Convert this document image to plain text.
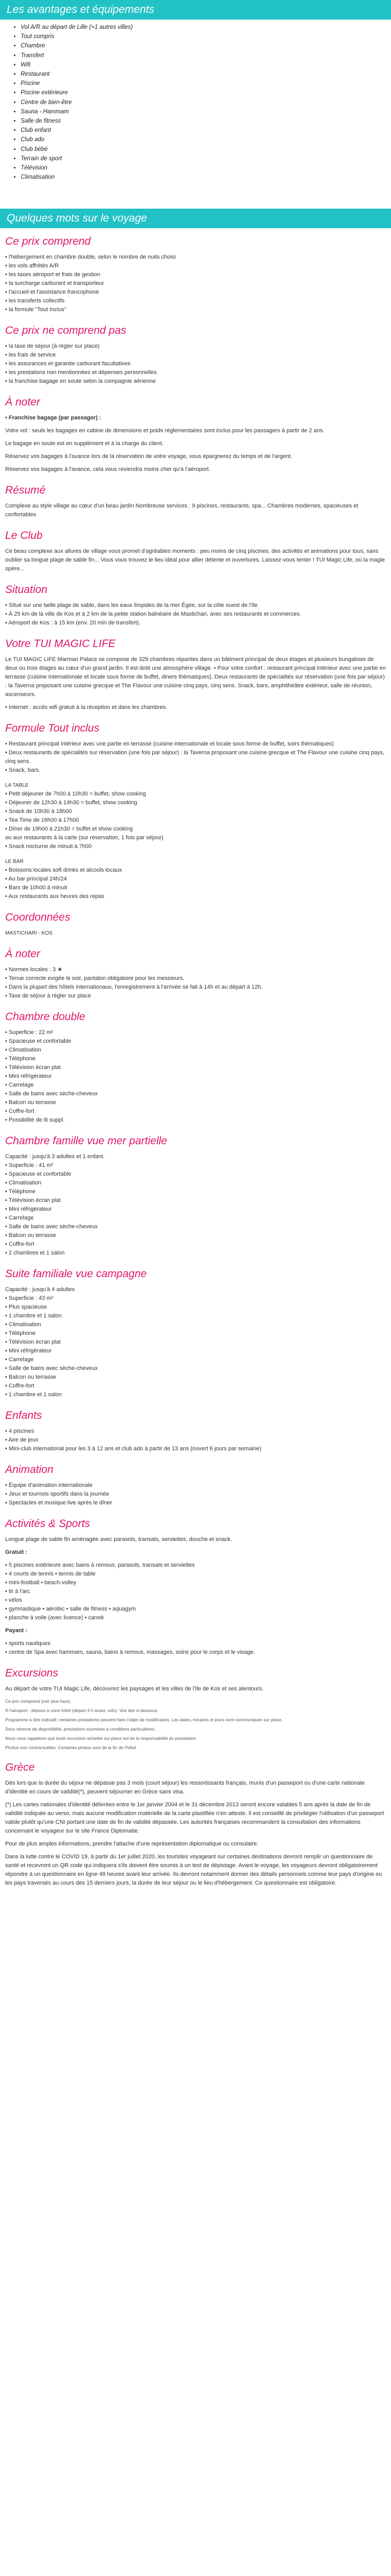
Les avantages et équipements
• Vol A/R au départ de Lille (+1 autres villes)
• Tout compris
• Chambre
• Transfert
• Wifi
• Restaurant
• Piscine
• Piscine extérieure
• Centre de bien-être
• Sauna - Hammam
• Salle de fitness
• Club enfant
• Club ado
• Club bébé
• Terrain de sport
• Télévision
• Climatisation
Quelques mots sur le voyage
Ce prix comprend
• l'hébergement en chambre double, selon le nombre de nuits choisi
• les vols affrétés A/R
• les taxes aéroport et frais de gestion
• la surcharge carburant et transporteur
• l'accueil et l'assistance francophone
• les transferts collectifs
• la formule "Tout Inclus"
Ce prix ne comprend pas
• la taxe de séjour (à régler sur place)
• les frais de service
• les assurances et garantie carburant facultatives
• les prestations non mentionnées et dépenses personnelles
• la franchise bagage en soute selon la compagnie aérienne
À noter

• Franchise bagage (par passager) :

Votre vol : seuls les bagages en cabine de dimensions et poids réglementaires sont inclus pour les passagers à partir de 2 ans.

Le bagage en soute est en supplément et à la charge du client.

Réservez vos bagages à l'avance lors de la réservation de votre voyage, vous épargnerez du temps et de l'argent.

Réservez vos bagages à l'avance, cela vous reviendra moins cher qu'à l'aéroport.

Résumé

Complexe au style village au cœur d'un beau jardin Nombreuse services : 9 piscines, restaurants, spa... Chambres modernes, spacieuses et confortables

Le Club

Ce beau complexe aux allures de village vous promet d'agréables moments : peu moins de cinq piscines, des activités et animations pour tous, sans oublier sa longue plage de sable fin... Vous vous trouvez le lieu idéal pour allier détente et ouvertures. Laissez-vous tenter ! TUI Magic Life, où la magie opère...

Situation
• Situé sur une belle plage de sable, dans les eaux limpides de la mer Égée, sur la côte ouest de l'île.
• À 25 km de la ville de Kos et à 2 km de la petite station balnéaire de Mastichari, avec ses restaurants et commerces.
• Aéroport de Kos : à 15 km (env. 20 min de transfert).
Votre TUI MAGIC LIFE

Le TUI MAGIC LIFE Marmari Palace se compose de 329 chambres réparties dans un bâtiment principal de deux étages et plusieurs bungalows de deux ou trois étages au cœur d'un grand jardin. Il est doté une atmosphère village. • Pour votre confort : restaurant principal intérieur avec une partie en terrasse (cuisine internationale et locale sous forme de buffet, diners thématiques). Deux restaurants de spécialités sur réservation (une fois par séjour) : la Taverna proposant une cuisine grecque et The Flavour une cuisine cinq pays, cinq sens. Snack, bars, amphithéâtre extérieur, salle de réunion, ascenseurs.

• Internet : accès wifi gratuit à la réception et dans les chambres.

Formule Tout inclus
• Restaurant principal intérieur avec une partie en terrasse (cuisine internationale et locale sous forme de buffet, soirs thématiques)
• Deux restaurants de spécialités sur réservation (une fois par séjour) : la Taverna proposant une cuisine grecque et The Flavour une cuisine cinq pays, cinq sens.
• Snack, bars.

LA TABLE

• Petit déjeuner de 7h00 à 10h30 = buffet, show cooking
• Déjeuner de 12h30 à 14h30 = buffet, show cooking
• Snack de 10h30 à 18h00
• Tea Time de 16h00 à 17h00
• Dîner de 19h00 à 21h30 = buffet et show cooking
ou aux restaurants à la carte (sur réservation, 1 fois par séjour)
• Snack nocturne de minuit à 7h00

LE BAR

• Boissons locales soft drinks et alcools locaux
• Au bar principal 24h/24
• Bars de 10h00 à minuit
• Aux restaurants aux heures des repas
Coordonnées

MASTICHARI - KOS

À noter
• Normes locales : 3 ★
• Tenue correcte exigée le soir, pantalon obligatoire pour les messieurs.
• Dans la plupart des hôtels internationaux, l'enregistrement à l'arrivée se fait à 14h et au départ à 12h.
• Taxe de séjour à régler sur place
Chambre double
• Superficie : 22 m²
• Spacieuse et confortable
• Climatisation
• Téléphone
• Télévision écran plat
• Mini réfrigérateur
• Carrelage
• Salle de bains avec sèche-cheveux
• Balcon ou terrasse
• Coffre-fort
• Possibilité de lit suppl.
Chambre famille vue mer partielle
Capacité : jusqu'à 3 adultes et 1 enfant.
• Superficie : 41 m²
• Spacieuse et confortable
• Climatisation
• Téléphone
• Télévision écran plat
• Mini réfrigérateur
• Carrelage
• Salle de bains avec sèche-cheveux
• Balcon ou terrasse
• Coffre-fort
• 2 chambres et 1 salon
Suite familiale vue campagne
Capacité : jusqu'à 4 adultes
• Superficie : 43 m²
• Plus spacieuse
• 1 chambre et 1 salon
• Climatisation
• Téléphone
• Télévision écran plat
• Mini réfrigérateur
• Carrelage
• Salle de bains avec sèche-cheveux
• Balcon ou terrasse
• Coffre-fort
• 1 chambre et 1 salon
Enfants
• 4 piscines
• Aire de jeux
• Mini-club international pour les 3 à 12 ans et club ado à partir de 13 ans (ouvert 6 jours par semaine)
Animation
• Équipe d'animation internationale
• Jeux et tournois sportifs dans la journée
• Spectacles et musique live après le dîner
Activités & Sports

Longue plage de sable fin aménagée avec parasols, transats, serviettes, douche et snack.

Gratuit :

• 5 piscines extérieure avec bains à remous, parasols, transats et serviettes
• 4 courts de tennis • tennis de table
• mini-football • beach-volley
• tir à l'arc
• vélos
• gymnastique • aérobic • salle de fitness • aquagym
• planche à voile (avec licence) • canoë

Payant :

• sports nautiques
• centre de Spa avec hammam, sauna, bains à remous, massages, soins pour le corps et le visage.
Excursions

Au départ de votre TUI Magic Life, découvrez les paysages et les villes de l'île de Kos et ses alentours.

Ce prix comprend (voir plus haut).

À l'aéroport : dépose à votre hôtel (départ 3 h avant, vols). Voir lien ci-dessous.

Programme à titre indicatif, certaines prestations peuvent faire l'objet de modification. Les dates, horaires et jours sont communiqués sur place.

Sous réserve de disponibilité, prestations soumises à conditions particulières.

Nous vous rappelons que toute excursion achetée sur place est de la responsabilité du prestataire.

Photos non contractuelles. Certaines photos sont de la fin de l'hôtel.

Grèce

Dès lors que la durée du séjour ne dépasse pas 3 mois (court séjour) les ressortissants français, munis d'un passeport ou d'une carte nationale d'identité en cours de validité(*), peuvent séjourner en Grèce sans visa.

(*) Les cartes nationales d'identité délivrées entre le 1er janvier 2004 et le 31 décembre 2013 seront encore valables 5 ans après la date de fin de validité indiquée au verso, mais aucune modification matérielle de la carte plastifiée n'en atteste. Il est conseillé de privilégier l'utilisation d'un passeport valide plutôt qu'une CNI portant une date de fin de validité dépassée. Les autorités françaises recommandent la consultation des informations concernant le voyageur sur le site France Diplomatie.

Pour de plus amples informations, prendre l'attache d'une représentation diplomatique ou consulaire.

Dans la lutte contre le COVID 19, à partir du 1er juillet 2020, les touristes voyageant sur certaines destinations devront remplir un questionnaire de santé et recevront un QR code qui indiquera s'ils doivent être soumis à un test de dépistage. Avant le voyage, les voyageurs devront obligatoirement répondre à un questionnaire en ligne 48 heures avant leur arrivée. Ils devront notamment donner des détails personnels comme leur pays d'origine ou les pays traversés au cours des 15 derniers jours, la durée de leur séjour ou le lieu d'hébergement. Ce questionnaire est obligatoire.
